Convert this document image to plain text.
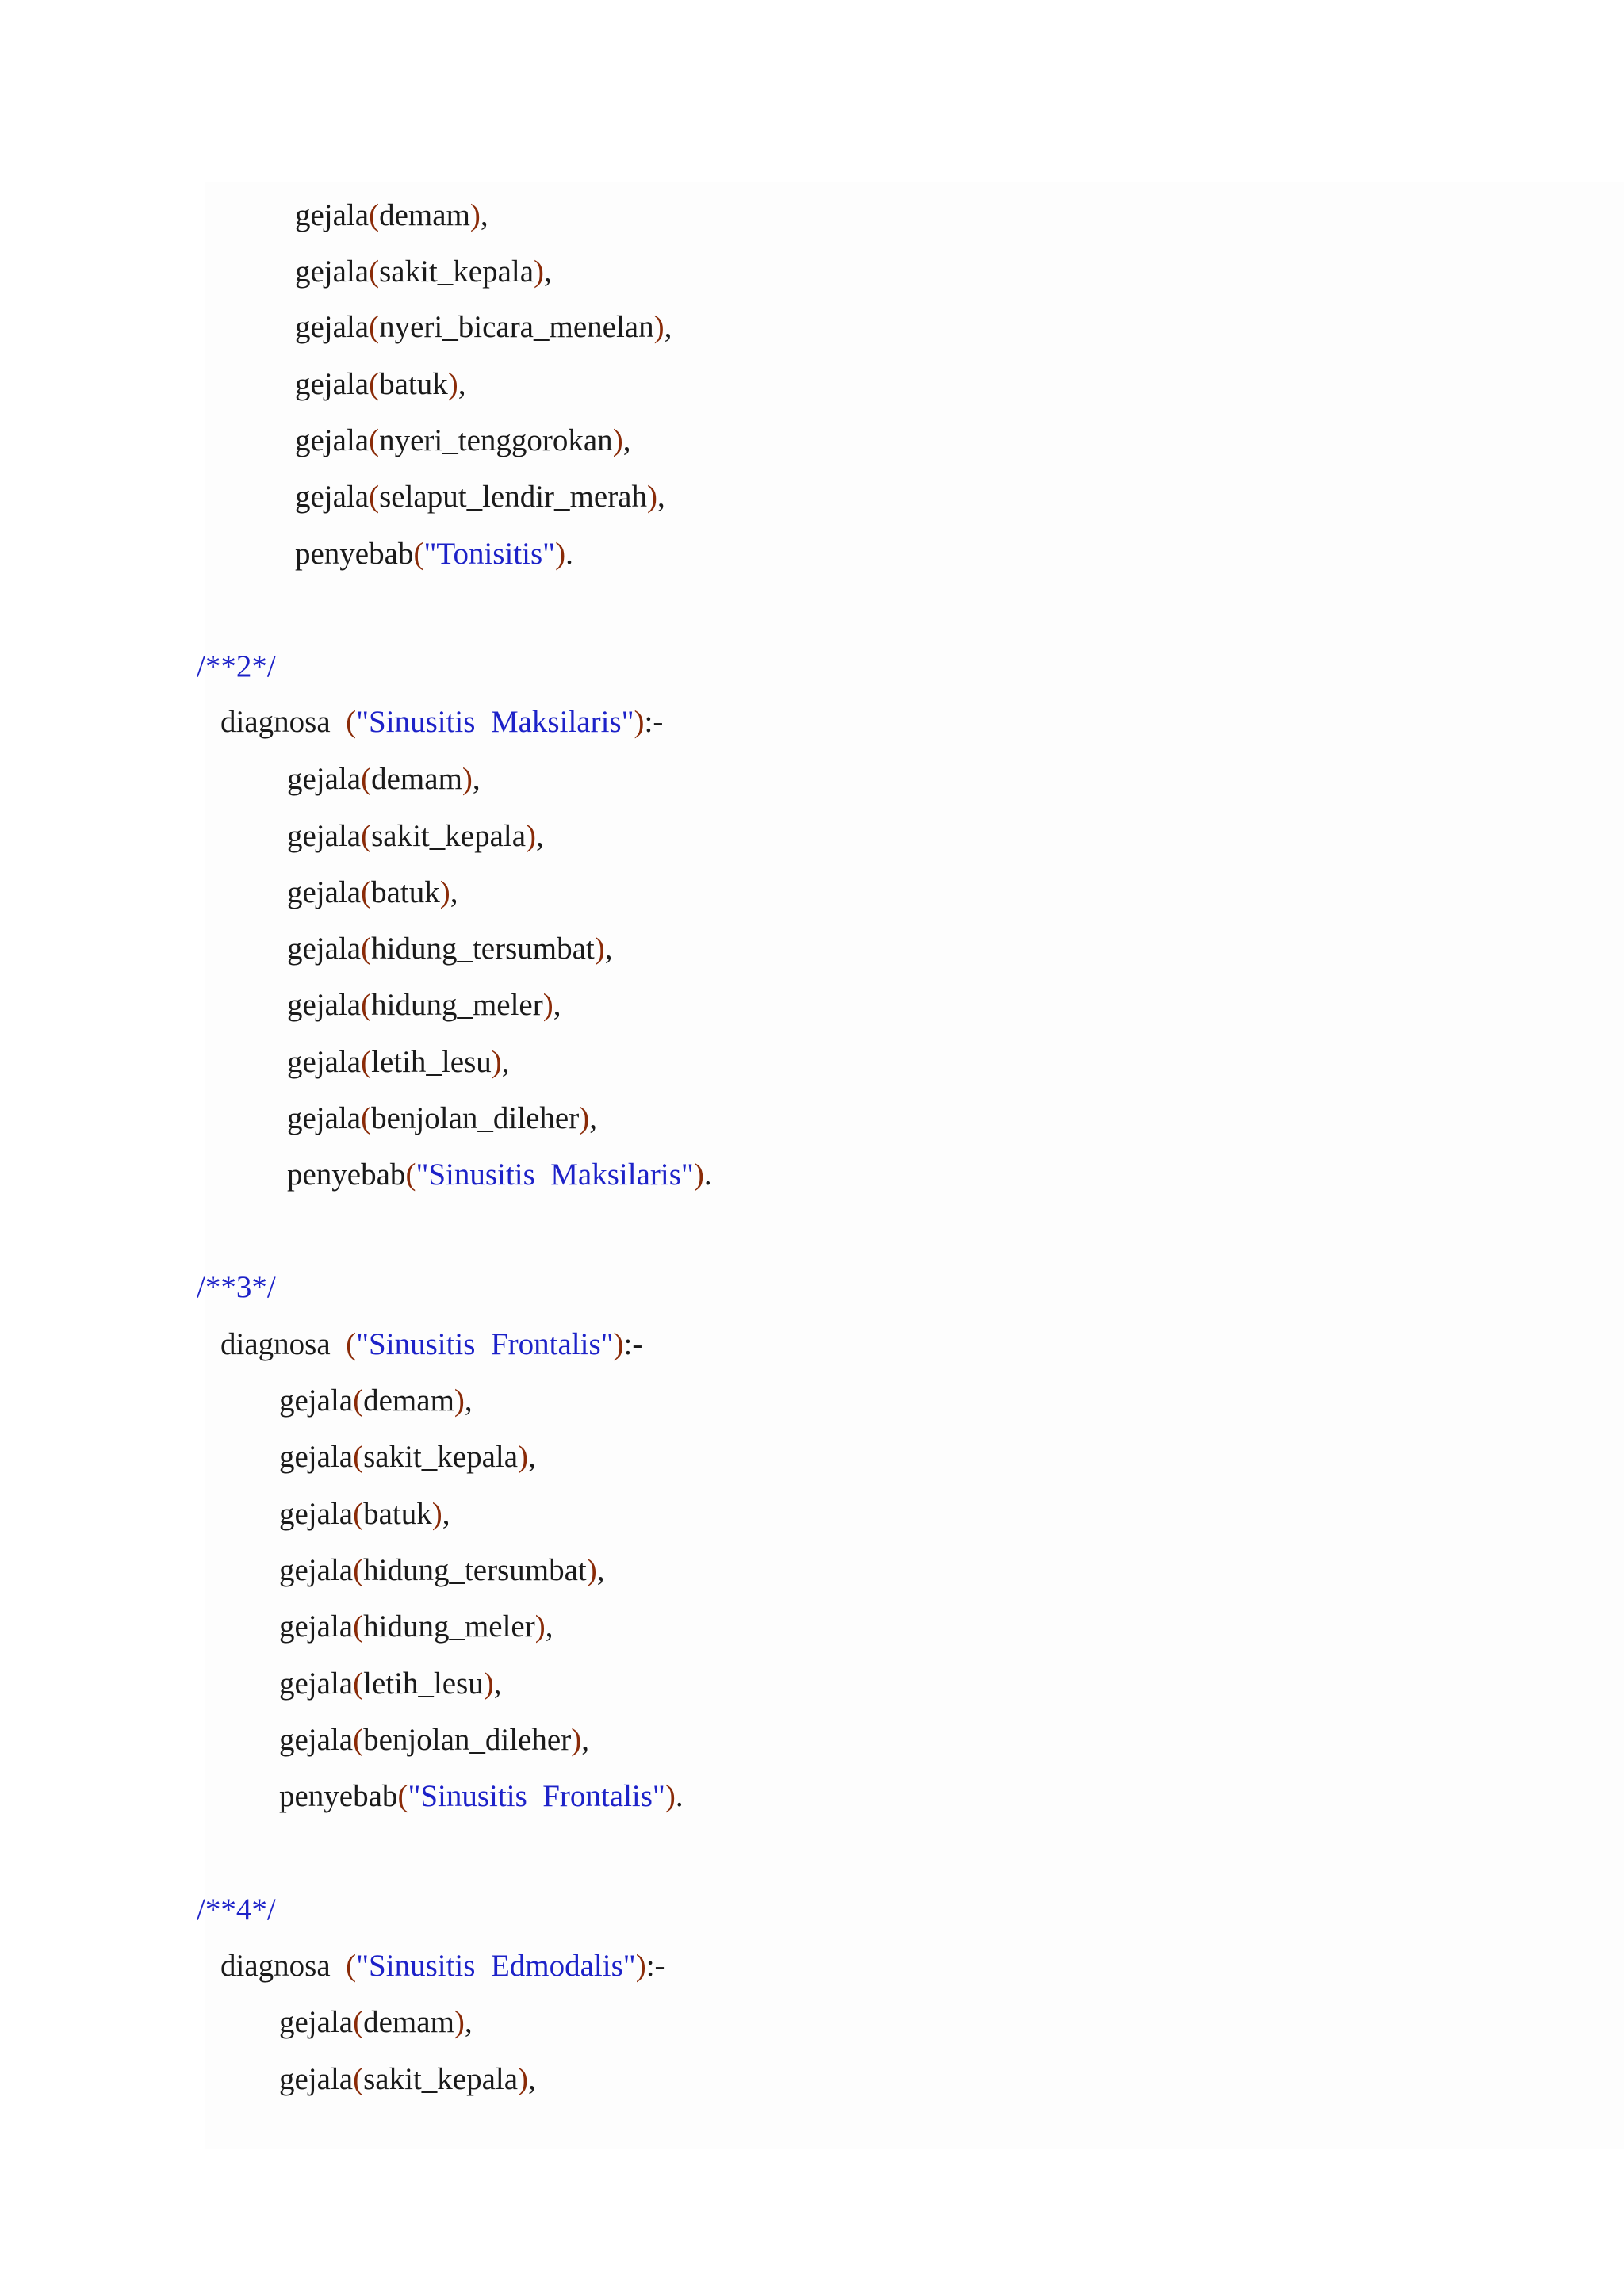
gejala(demam),
gejala(sakit_kepala),
gejala(nyeri_bicara_menelan),
gejala(batuk),
gejala(nyeri_tenggorokan),
gejala(selaput_lendir_merah),
penyebab("Tonisitis").
/**2*/
diagnosa ("Sinusitis  Maksilaris"):-
gejala(demam),
gejala(sakit_kepala),
gejala(batuk),
gejala(hidung_tersumbat),
gejala(hidung_meler),
gejala(letih_lesu),
gejala(benjolan_dileher),
penyebab("Sinusitis  Maksilaris").
/**3*/
diagnosa ("Sinusitis  Frontalis"):-
gejala(demam),
gejala(sakit_kepala),
gejala(batuk),
gejala(hidung_tersumbat),
gejala(hidung_meler),
gejala(letih_lesu),
gejala(benjolan_dileher),
penyebab("Sinusitis  Frontalis").
/**4*/
diagnosa ("Sinusitis  Edmodalis"):-
gejala(demam),
gejala(sakit_kepala),
